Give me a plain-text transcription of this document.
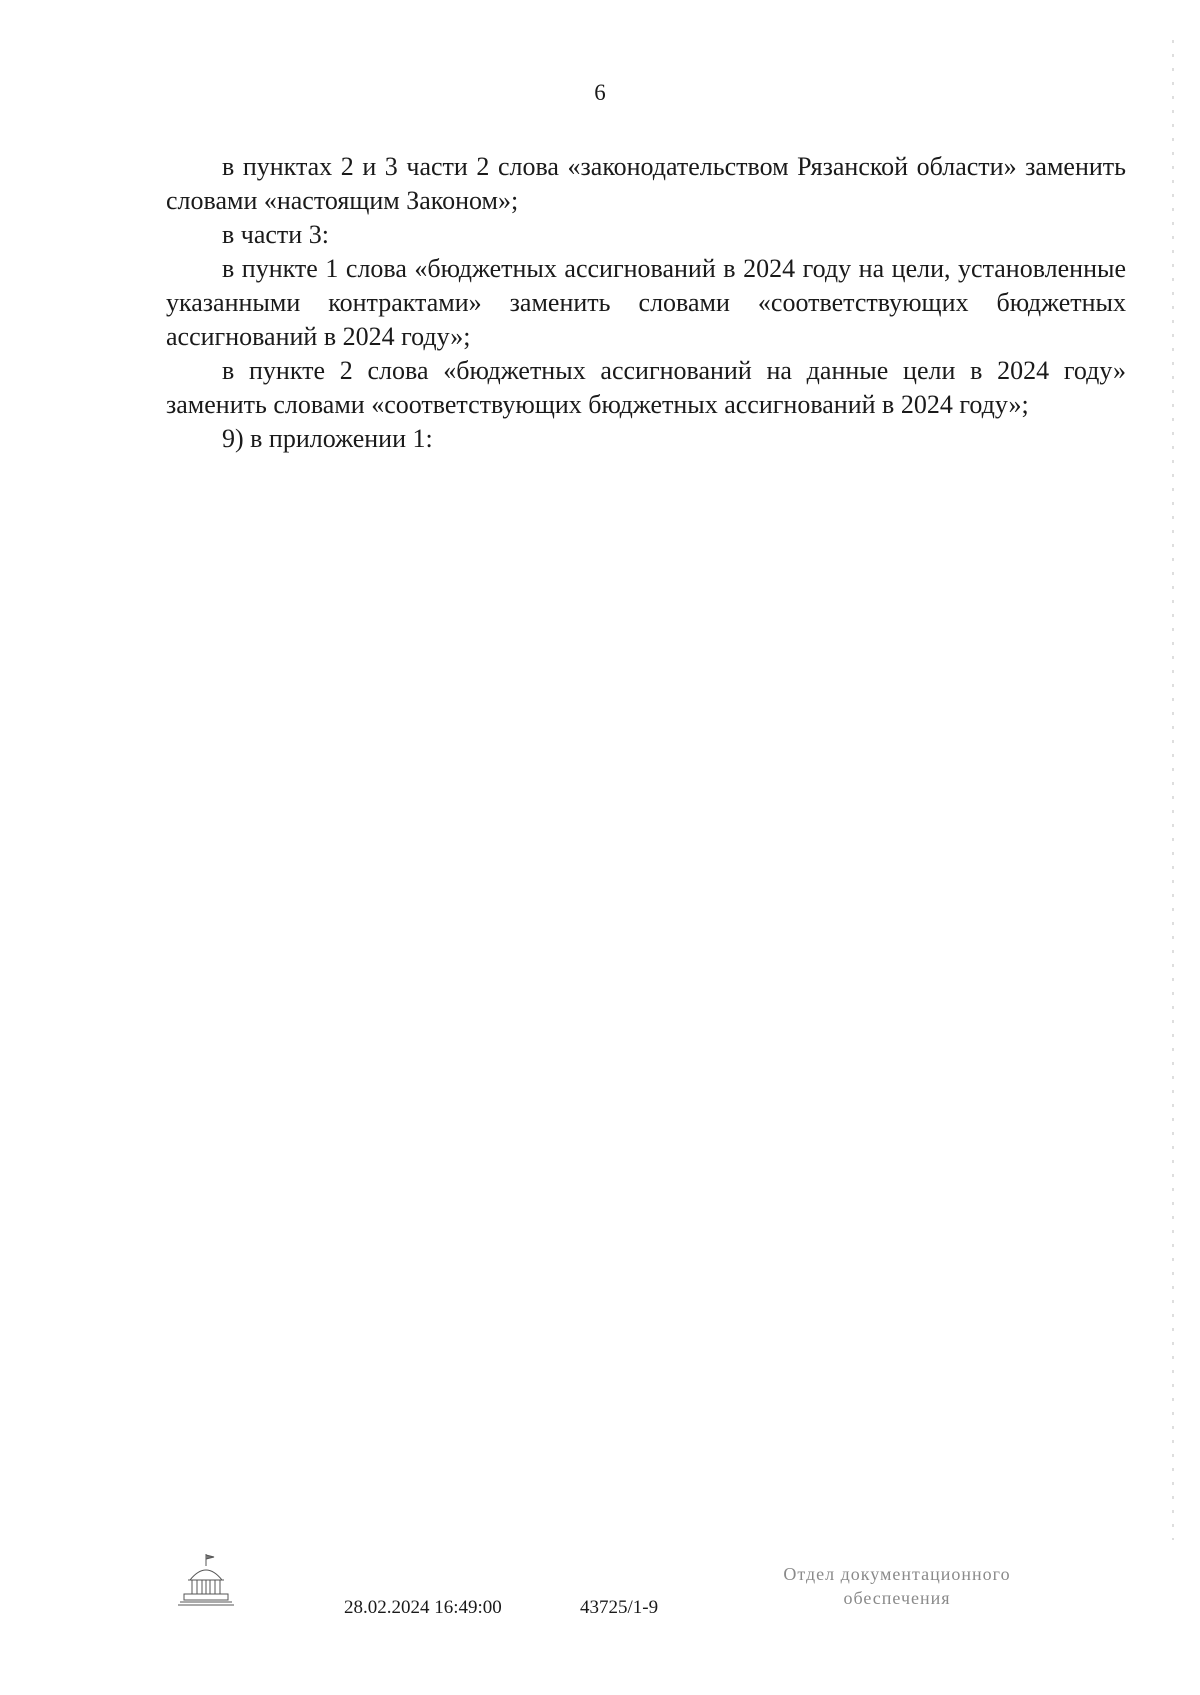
6

в пунктах 2 и 3 части 2 слова «законодательством Рязанской области» заменить словами «настоящим Законом»;

в части 3:

в пункте 1 слова «бюджетных ассигнований в 2024 году на цели, установленные указанными контрактами» заменить словами «соответствующих бюджетных ассигнований в 2024 году»;

в пункте 2 слова «бюджетных ассигнований на данные цели в 2024 году» заменить словами «соответствующих бюджетных ассигнований в 2024 году»;

9) в приложении 1:

28.02.2024 16:49:00	43725/1-9
Отдел документационного
обеспечения
